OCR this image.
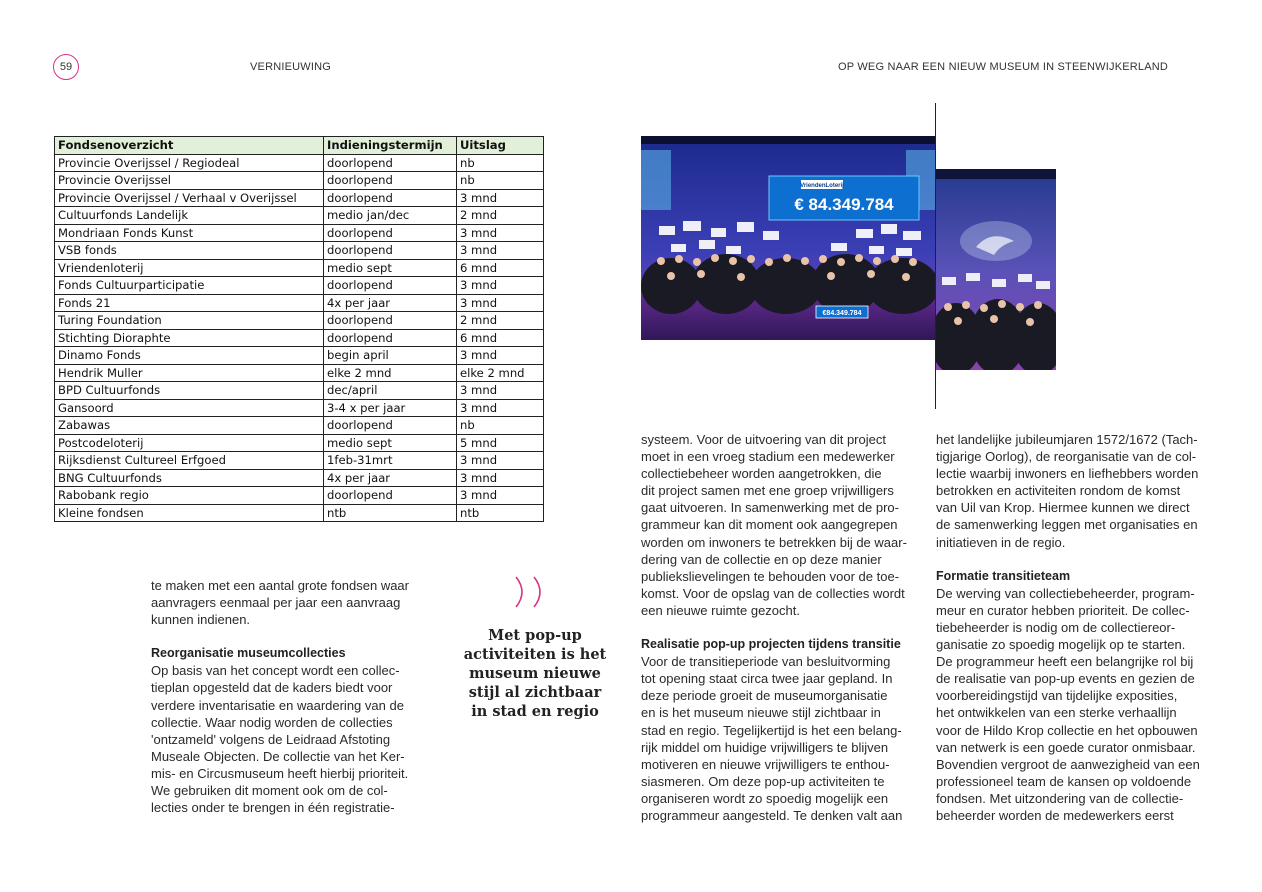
59	VERNIEUWING	OP WEG NAAR EEN NIEUW MUSEUM IN STEENWIJKERLAND
Fondsenoverzicht	Indieningstermijn	Uitslag
Provincie Overijssel / Regiodeal	doorlopend	nb
Provincie Overijssel	doorlopend	nb
Provincie Overijssel / Verhaal v Overijssel	doorlopend	3 mnd
Cultuurfonds Landelijk	medio jan/dec	2 mnd
Mondriaan Fonds Kunst	doorlopend	3 mnd
VSB fonds	doorlopend	3 mnd
Vriendenloterij	medio sept	6 mnd
Fonds Cultuurparticipatie	doorlopend	3 mnd
Fonds 21	4x per jaar	3 mnd
Turing Foundation	doorlopend	2 mnd
Stichting Dioraphte	doorlopend	6 mnd
Dinamo Fonds	begin april	3 mnd
Hendrik Muller	elke 2 mnd	elke 2 mnd
BPD Cultuurfonds	dec/april	3 mnd
Gansoord	3-4 x per jaar	3 mnd
Zabawas	doorlopend	nb
Postcodeloterij	medio sept	5 mnd
Rijksdienst Cultureel Erfgoed	1feb-31mrt	3 mnd
BNG Cultuurfonds	4x per jaar	3 mnd
Rabobank regio	doorlopend	3 mnd
Kleine fondsen	ntb	ntb
VriendenLoterij
€ 84.349.784
€84.349.784
Met pop-up activiteiten is het museum nieuwe stijl al zichtbaar in stad en regio

te maken met een aantal grote fondsen waar

aanvragers eenmaal per jaar een aanvraag

kunnen indienen.

Reorganisatie museumcollecties

Op basis van het concept wordt een collec-

tieplan opgesteld dat de kaders biedt voor

verdere inventarisatie en waardering van de

collectie. Waar nodig worden de collecties

'ontzameld' volgens de Leidraad Afstoting

Museale Objecten. De collectie van het Ker-

mis- en Circusmuseum heeft hierbij prioriteit.

We gebruiken dit moment ook om de col-

lecties onder te brengen in één registratie-

systeem. Voor de uitvoering van dit project

moet in een vroeg stadium een medewerker

collectiebeheer worden aangetrokken, die

dit project samen met ene groep vrijwilligers

gaat uitvoeren. In samenwerking met de pro-

grammeur kan dit moment ook aangegrepen

worden om inwoners te betrekken bij de waar-

dering van de collectie en op deze manier

publiekslievelingen te behouden voor de toe-

komst. Voor de opslag van de collecties wordt

een nieuwe ruimte gezocht.

Realisatie pop-up projecten tijdens transitie

Voor de transitieperiode van besluitvorming

tot opening staat circa twee jaar gepland. In

deze periode groeit de museumorganisatie

en is het museum nieuwe stijl zichtbaar in

stad en regio. Tegelijkertijd is het een belang-

rijk middel om huidige vrijwilligers te blijven

motiveren en nieuwe vrijwilligers te enthou-

siasmeren. Om deze pop-up activiteiten te

organiseren wordt zo spoedig mogelijk een

programmeur aangesteld. Te denken valt aan

het landelijke jubileumjaren 1572/1672 (Tach-

tigjarige Oorlog), de reorganisatie van de col-

lectie waarbij inwoners en liefhebbers worden

betrokken en activiteiten rondom de komst

van Uil van Krop. Hiermee kunnen we direct

de samenwerking leggen met organisaties en

initiatieven in de regio.

Formatie transitieteam

De werving van collectiebeheerder, program-

meur en curator hebben prioriteit. De collec-

tiebeheerder is nodig om de collectiereor-

ganisatie zo spoedig mogelijk op te starten.

De programmeur heeft een belangrijke rol bij

de realisatie van pop-up events en gezien de

voorbereidingstijd van tijdelijke exposities,

het ontwikkelen van een sterke verhaallijn

voor de Hildo Krop collectie en het opbouwen

van netwerk is een goede curator onmisbaar.

Bovendien vergroot de aanwezigheid van een

professioneel team de kansen op voldoende

fondsen. Met uitzondering van de collectie-

beheerder worden de medewerkers eerst
